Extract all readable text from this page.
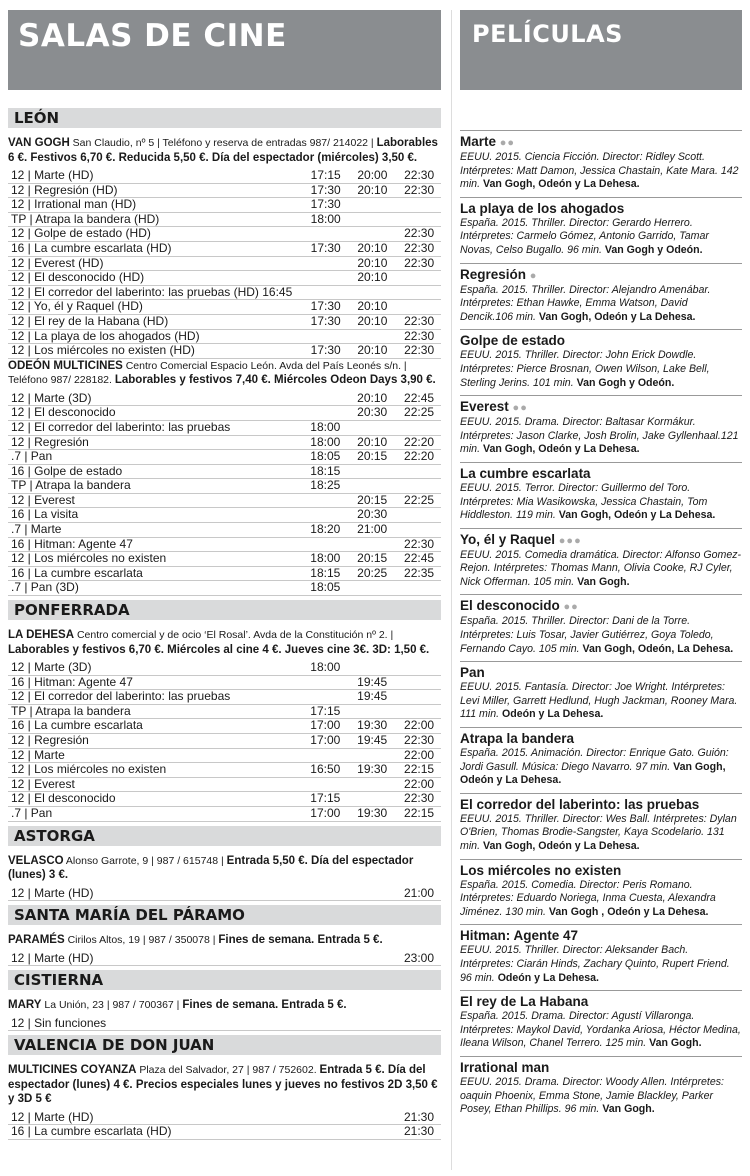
SALAS DE CINE	PELÍCULAS
LEÓN
VAN GOGH San Claudio, nº 5 | Teléfono y reserva de entradas 987/ 214022 | Laborables 6 €. Festivos 6,70 €. Reducida 5,50 €. Día del espectador (miércoles) 3,50 €.
12 | Marte (HD)	17:15	20:00	22:30
12 | Regresión (HD)	17:30	20:10	22:30
12 | Irrational man (HD)	17:30		
TP | Atrapa la bandera (HD)	18:00		
12 | Golpe de estado (HD)			22:30
16 | La cumbre escarlata (HD)	17:30	20:10	22:30
12 | Everest (HD)		20:10	22:30
12 | El desconocido (HD)		20:10	
12 | El corredor del laberinto: las pruebas (HD) 16:45			
12 | Yo, él y Raquel (HD)	17:30	20:10	
12 | El rey de la Habana (HD)	17:30	20:10	22:30
12 | La playa de los ahogados (HD)			22:30
12 | Los miércoles no existen (HD)	17:30	20:10	22:30
ODEÓN MULTICINES Centro Comercial Espacio León. Avda del País Leonés s/n. | Teléfono 987/ 228182. Laborables y festivos 7,40 €. Miércoles Odeon Days 3,90 €.
12 | Marte (3D)		20:10	22:45
12 | El desconocido		20:30	22:25
12 | El corredor del laberinto: las pruebas	18:00		
12 | Regresión	18:00	20:10	22:20
.7 | Pan	18:05	20:15	22:20
16 | Golpe de estado	18:15		
TP | Atrapa la bandera	18:25		
12 | Everest		20:15	22:25
16 | La visita		20:30	
.7 | Marte	18:20	21:00	
16 | Hitman: Agente 47			22:30
12 | Los miércoles no existen	18:00	20:15	22:45
16 | La cumbre escarlata	18:15	20:25	22:35
.7 | Pan (3D)	18:05		
PONFERRADA
LA DEHESA Centro comercial y de ocio ‘El Rosal’. Avda de la Constitución nº 2. | Laborables y festivos 6,70 €. Miércoles al cine 4 €. Jueves cine 3€. 3D: 1,50 €.
12 | Marte (3D)	18:00		
16 | Hitman: Agente 47		19:45	
12 | El corredor del laberinto: las pruebas		19:45	
TP | Atrapa la bandera	17:15		
16 | La cumbre escarlata	17:00	19:30	22:00
12 | Regresión	17:00	19:45	22:30
12 | Marte			22:00
12 | Los miércoles no existen	16:50	19:30	22:15
12 | Everest			22:00
12 | El desconocido	17:15		22:30
.7 | Pan	17:00	19:30	22:15
ASTORGA
VELASCO Alonso Garrote, 9 | 987 / 615748 | Entrada 5,50 €. Día del espectador (lunes) 3 €.
12 | Marte (HD)			21:00
SANTA MARÍA DEL PÁRAMO
PARAMÉS Cirilos Altos, 19 | 987 / 350078 | Fines de semana. Entrada 5 €.
12 | Marte (HD)			23:00
CISTIERNA
MARY La Unión, 23 | 987 / 700367 | Fines de semana. Entrada 5 €.
12 | Sin funciones			
VALENCIA DE DON JUAN
MULTICINES COYANZA Plaza del Salvador, 27 | 987 / 752602. Entrada 5 €. Día del espectador (lunes) 4 €. Precios especiales lunes y jueves no festivos 2D 3,50 € y 3D 5 €
12 | Marte (HD)			21:30
16 | La cumbre escarlata (HD)			21:30
Marte ●●
EEUU. 2015. Ciencia Ficción. Director: Ridley Scott. Intérpretes: Matt Damon, Jessica Chastain, Kate Mara. 142 min. Van Gogh, Odeón y La Dehesa.
La playa de los ahogados
España. 2015. Thriller. Director: Gerardo Herrero. Intérpretes: Carmelo Gómez, Antonio Garrido, Tamar Novas, Celso Bugallo. 96 min. Van Gogh y Odeón.
Regresión ●
España. 2015. Thriller. Director: Alejandro Amenábar. Intérpretes: Ethan Hawke, Emma Watson, David Dencik.106 min. Van Gogh, Odeón y La Dehesa.
Golpe de estado
EEUU. 2015. Thriller. Director: John Erick Dowdle. Intérpretes: Pierce Brosnan, Owen Wilson, Lake Bell, Sterling Jerins. 101 min. Van Gogh y Odeón.
Everest ●●
EEUU. 2015. Drama. Director: Baltasar Kormákur. Intérpretes: Jason Clarke, Josh Brolin, Jake Gyllenhaal.121 min. Van Gogh, Odeón y La Dehesa.
La cumbre escarlata
EEUU. 2015. Terror. Director: Guillermo del Toro. Intérpretes: Mia Wasikowska, Jessica Chastain, Tom Hiddleston. 119 min. Van Gogh, Odeón y La Dehesa.
Yo, él y Raquel ●●●
EEUU. 2015. Comedia dramática. Director: Alfonso Gomez-Rejon. Intérpretes: Thomas Mann, Olivia Cooke, RJ Cyler, Nick Offerman. 105 min. Van Gogh.
El desconocido ●●
España. 2015. Thriller. Director: Dani de la Torre. Intérpretes: Luis Tosar, Javier Gutiérrez, Goya Toledo, Fernando Cayo. 105 min. Van Gogh, Odeón, La Dehesa.
Pan
EEUU. 2015. Fantasía. Director: Joe Wright. Intérpretes: Levi Miller, Garrett Hedlund, Hugh Jackman, Rooney Mara. 111 min. Odeón y La Dehesa.
Atrapa la bandera
España. 2015. Animación. Director: Enrique Gato. Guión: Jordi Gasull. Música: Diego Navarro. 97 min. Van Gogh, Odeón y La Dehesa.
El corredor del laberinto: las pruebas
EEUU. 2015. Thriller. Director: Wes Ball. Intérpretes: Dylan O'Brien, Thomas Brodie-Sangster, Kaya Scodelario. 131 min. Van Gogh, Odeón y La Dehesa.
Los miércoles no existen
España. 2015. Comedia. Director: Peris Romano. Intérpretes: Eduardo Noriega, Inma Cuesta, Alexandra Jiménez. 130 min. Van Gogh , Odeón y La Dehesa.
Hitman: Agente 47
EEUU. 2015. Thriller. Director: Aleksander Bach. Intérpretes: Ciarán Hinds, Zachary Quinto, Rupert Friend. 96 min. Odeón y La Dehesa.
El rey de La Habana
España. 2015. Drama. Director: Agustí Villaronga. Intérpretes: Maykol David, Yordanka Ariosa, Héctor Medina, Ileana Wilson, Chanel Terrero. 125 min. Van Gogh.
Irrational man
EEUU. 2015. Drama. Director: Woody Allen. Intérpretes: oaquin Phoenix, Emma Stone, Jamie Blackley, Parker Posey, Ethan Phillips. 96 min. Van Gogh.
